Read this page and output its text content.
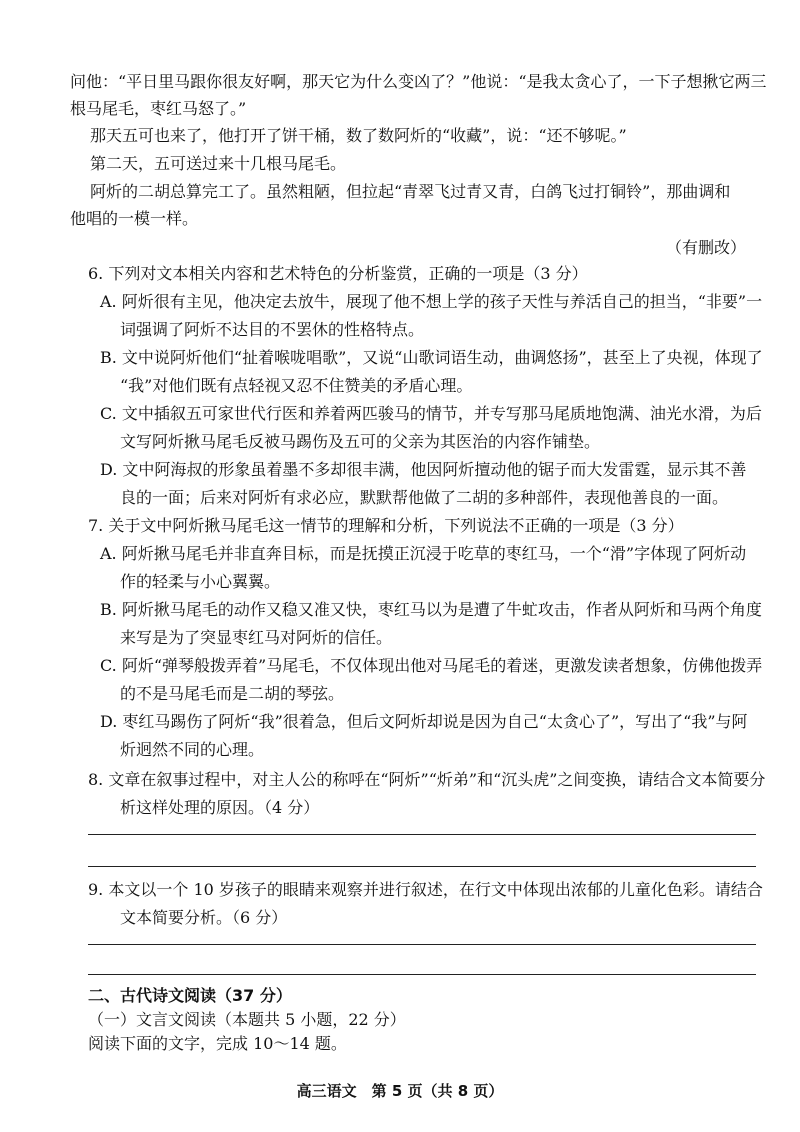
问他：“平日里马跟你很友好啊，那天它为什么变凶了？”他说：“是我太贪心了，一下子想揪它两三
根马尾毛，枣红马怒了。”
那天五可也来了，他打开了饼干桶，数了数阿炘的“收藏”，说：“还不够呢。”
第二天，五可送过来十几根马尾毛。
阿炘的二胡总算完工了。虽然粗陋，但拉起“青翠飞过青又青，白鸽飞过打铜铃”，那曲调和
他唱的一模一样。
（有删改）
6. 下列对文本相关内容和艺术特色的分析鉴赏，正确的一项是（3 分）
A. 阿炘很有主见，他决定去放牛，展现了他不想上学的孩子天性与养活自己的担当，“非要”一
词强调了阿炘不达目的不罢休的性格特点。
B. 文中说阿炘他们“扯着喉咙唱歌”，又说“山歌词语生动，曲调悠扬”，甚至上了央视，体现了
“我”对他们既有点轻视又忍不住赞美的矛盾心理。
C. 文中插叙五可家世代行医和养着两匹骏马的情节，并专写那马尾质地饱满、油光水滑，为后
文写阿炘揪马尾毛反被马踢伤及五可的父亲为其医治的内容作铺垫。
D. 文中阿海叔的形象虽着墨不多却很丰满，他因阿炘擅动他的锯子而大发雷霆，显示其不善
良的一面；后来对阿炘有求必应，默默帮他做了二胡的多种部件，表现他善良的一面。
7. 关于文中阿炘揪马尾毛这一情节的理解和分析，下列说法不正确的一项是（3 分）
A. 阿炘揪马尾毛并非直奔目标，而是抚摸正沉浸于吃草的枣红马，一个“滑”字体现了阿炘动
作的轻柔与小心翼翼。
B. 阿炘揪马尾毛的动作又稳又准又快，枣红马以为是遭了牛虻攻击，作者从阿炘和马两个角度
来写是为了突显枣红马对阿炘的信任。
C. 阿炘“弹琴般拨弄着”马尾毛，不仅体现出他对马尾毛的着迷，更激发读者想象，仿佛他拨弄
的不是马尾毛而是二胡的琴弦。
D. 枣红马踢伤了阿炘“我”很着急，但后文阿炘却说是因为自己“太贪心了”，写出了“我”与阿
炘迥然不同的心理。
8. 文章在叙事过程中，对主人公的称呼在“阿炘”“炘弟”和“沉头虎”之间变换，请结合文本简要分
析这样处理的原因。（4 分）
9. 本文以一个 10 岁孩子的眼睛来观察并进行叙述，在行文中体现出浓郁的儿童化色彩。请结合
文本简要分析。（6 分）
二、古代诗文阅读（37 分）
（一）文言文阅读（本题共 5 小题，22 分）
阅读下面的文字，完成 10～14 题。
高三语文　第 5 页（共 8 页）
